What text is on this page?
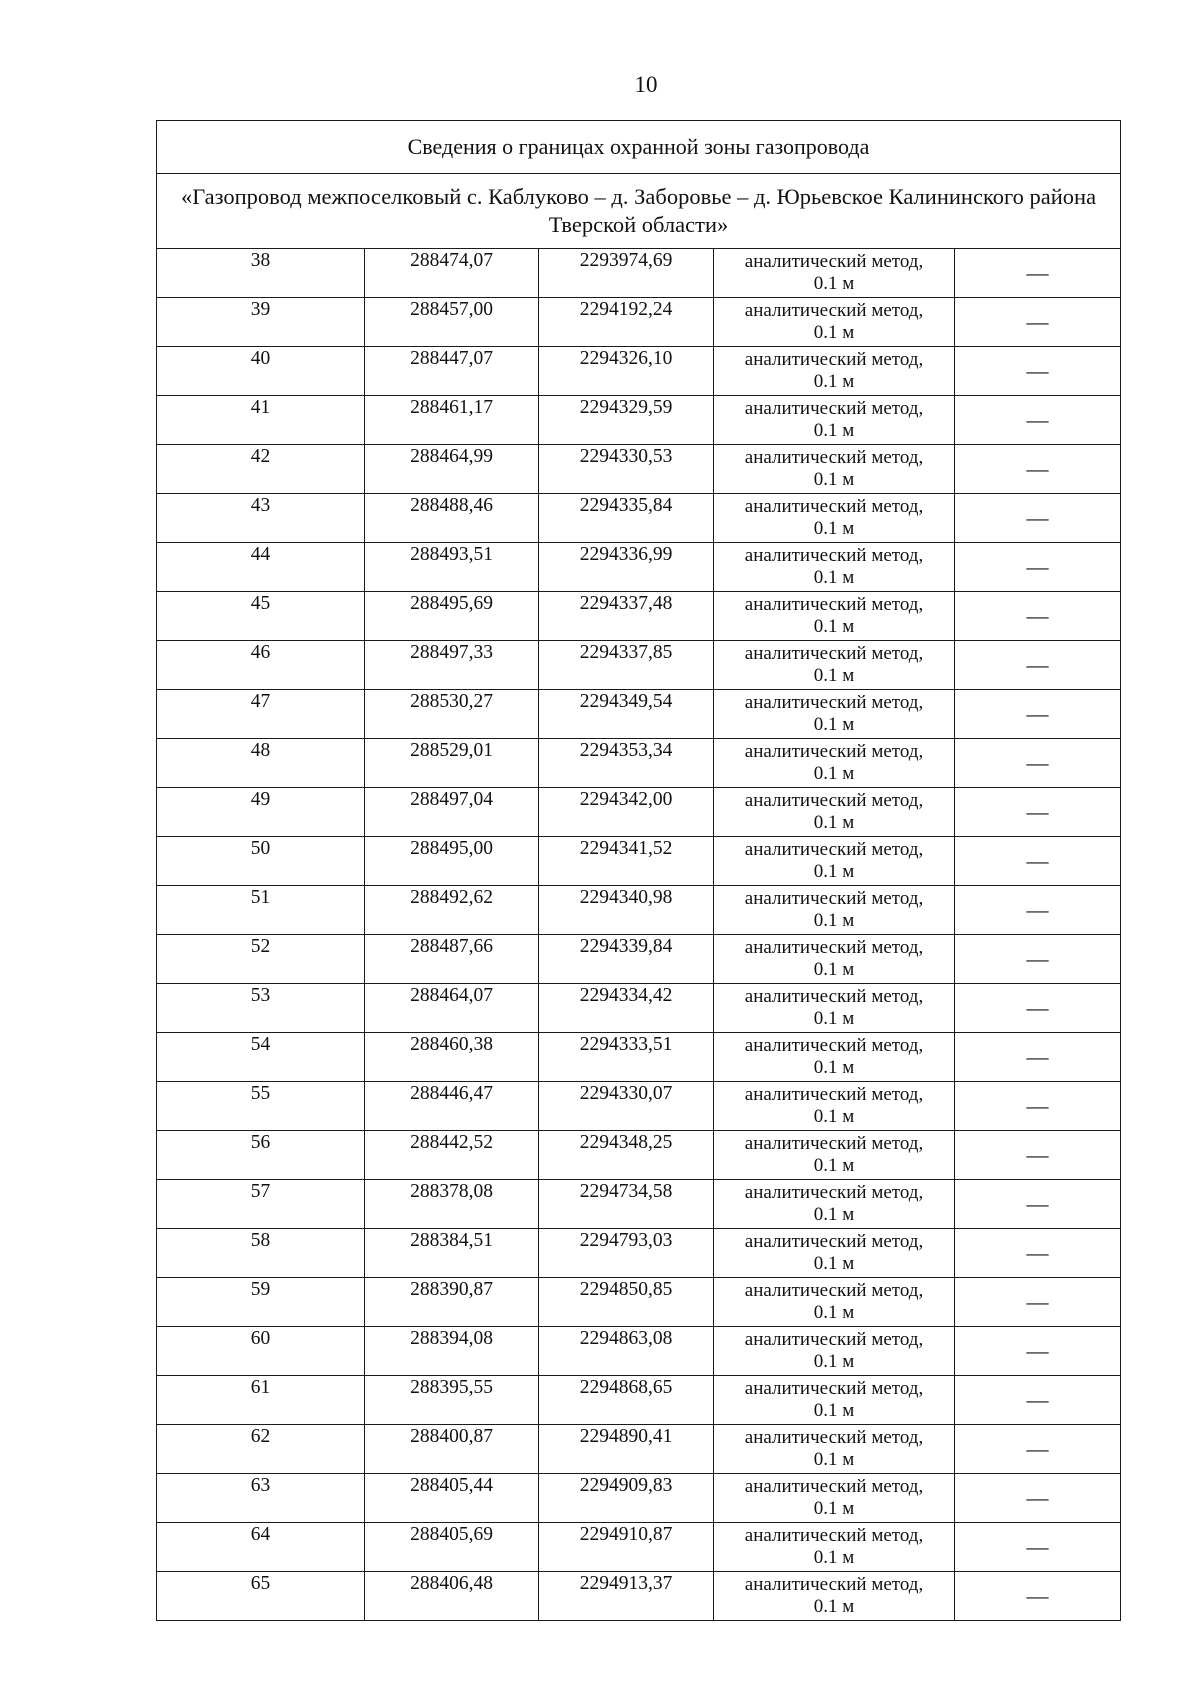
10
Сведения о границах охранной зоны газопровода				
«Газопровод межпоселковый с. Каблуково – д. Заборовье – д. Юрьевское Калининского района Тверской области»				
38	288474,07	2293974,69	аналитический метод,
0.1 м	—
39	288457,00	2294192,24	аналитический метод,
0.1 м	—
40	288447,07	2294326,10	аналитический метод,
0.1 м	—
41	288461,17	2294329,59	аналитический метод,
0.1 м	—
42	288464,99	2294330,53	аналитический метод,
0.1 м	—
43	288488,46	2294335,84	аналитический метод,
0.1 м	—
44	288493,51	2294336,99	аналитический метод,
0.1 м	—
45	288495,69	2294337,48	аналитический метод,
0.1 м	—
46	288497,33	2294337,85	аналитический метод,
0.1 м	—
47	288530,27	2294349,54	аналитический метод,
0.1 м	—
48	288529,01	2294353,34	аналитический метод,
0.1 м	—
49	288497,04	2294342,00	аналитический метод,
0.1 м	—
50	288495,00	2294341,52	аналитический метод,
0.1 м	—
51	288492,62	2294340,98	аналитический метод,
0.1 м	—
52	288487,66	2294339,84	аналитический метод,
0.1 м	—
53	288464,07	2294334,42	аналитический метод,
0.1 м	—
54	288460,38	2294333,51	аналитический метод,
0.1 м	—
55	288446,47	2294330,07	аналитический метод,
0.1 м	—
56	288442,52	2294348,25	аналитический метод,
0.1 м	—
57	288378,08	2294734,58	аналитический метод,
0.1 м	—
58	288384,51	2294793,03	аналитический метод,
0.1 м	—
59	288390,87	2294850,85	аналитический метод,
0.1 м	—
60	288394,08	2294863,08	аналитический метод,
0.1 м	—
61	288395,55	2294868,65	аналитический метод,
0.1 м	—
62	288400,87	2294890,41	аналитический метод,
0.1 м	—
63	288405,44	2294909,83	аналитический метод,
0.1 м	—
64	288405,69	2294910,87	аналитический метод,
0.1 м	—
65	288406,48	2294913,37	аналитический метод,
0.1 м	—
